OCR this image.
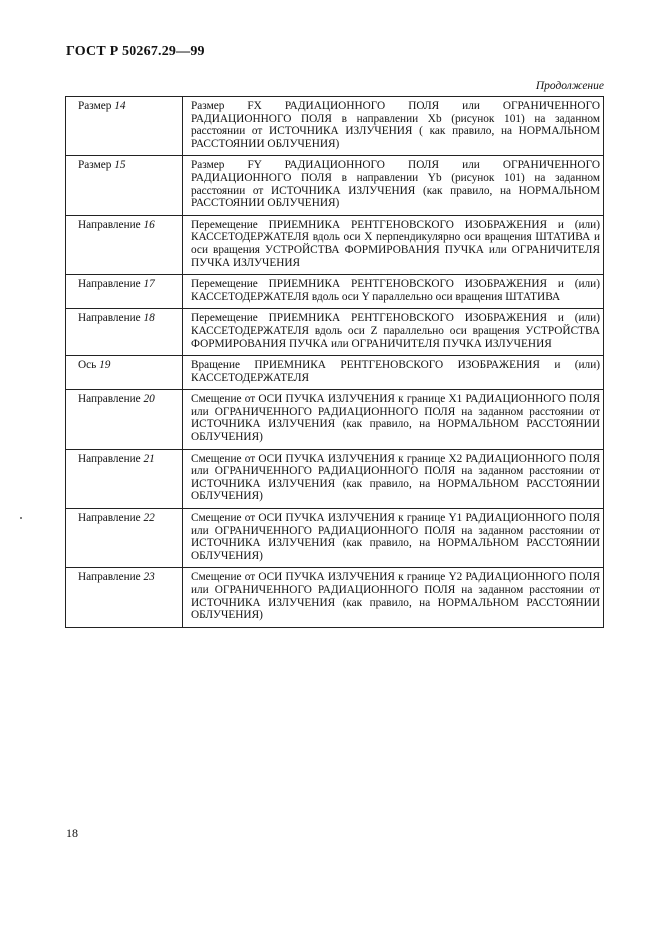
ГОСТ Р 50267.29—99
Продолжение
Размер 14	Размер FX РАДИАЦИОННОГО ПОЛЯ или ОГРАНИЧЕННОГО РАДИАЦИОННОГО ПОЛЯ в направлении Хb (рисунок 101) на заданном расстоянии от ИСТОЧНИКА ИЗЛУЧЕНИЯ ( как правило, на НОРМАЛЬНОМ РАССТОЯНИИ ОБЛУЧЕНИЯ)
Размер 15	Размер FY РАДИАЦИОННОГО ПОЛЯ или ОГРАНИЧЕННОГО РАДИАЦИОННОГО ПОЛЯ в направлении Yb (рисунок 101) на заданном расстоянии от ИСТОЧНИКА ИЗЛУЧЕНИЯ (как правило, на НОРМАЛЬНОМ РАССТОЯНИИ ОБЛУЧЕНИЯ)
Направление 16	Перемещение ПРИЕМНИКА РЕНТГЕНОВСКОГО ИЗОБРАЖЕНИЯ и (или) КАССЕТОДЕРЖАТЕЛЯ вдоль оси X перпендикулярно оси вращения ШТАТИВА и оси вращения УСТРОЙСТВА ФОРМИРОВАНИЯ ПУЧКА или ОГРАНИЧИТЕЛЯ ПУЧКА ИЗЛУЧЕНИЯ
Направление 17	Перемещение ПРИЕМНИКА РЕНТГЕНОВСКОГО ИЗОБРАЖЕНИЯ и (или) КАССЕТОДЕРЖАТЕЛЯ вдоль оси Y параллельно оси вращения ШТАТИВА
Направление 18	Перемещение ПРИЕМНИКА РЕНТГЕНОВСКОГО ИЗОБРАЖЕНИЯ и (или) КАССЕТОДЕРЖАТЕЛЯ вдоль оси Z параллельно оси вращения УСТРОЙСТВА ФОРМИРОВАНИЯ ПУЧКА или ОГРАНИЧИТЕЛЯ ПУЧКА ИЗЛУЧЕНИЯ
Ось 19	Вращение ПРИЕМНИКА РЕНТГЕНОВСКОГО ИЗОБРАЖЕНИЯ и (или) КАССЕТОДЕРЖАТЕЛЯ
Направление 20	Смещение от ОСИ ПУЧКА ИЗЛУЧЕНИЯ к границе X1 РАДИАЦИОННОГО ПОЛЯ или ОГРАНИЧЕННОГО РАДИАЦИОННОГО ПОЛЯ на заданном расстоянии от ИСТОЧНИКА ИЗЛУЧЕНИЯ (как правило, на НОРМАЛЬНОМ РАССТОЯНИИ ОБЛУЧЕНИЯ)
Направление 21	Смещение от ОСИ ПУЧКА ИЗЛУЧЕНИЯ к границе X2 РАДИАЦИОННОГО ПОЛЯ или ОГРАНИЧЕННОГО РАДИАЦИОННОГО ПОЛЯ на заданном расстоянии от ИСТОЧНИКА ИЗЛУЧЕНИЯ (как правило, на НОРМАЛЬНОМ РАССТОЯНИИ ОБЛУЧЕНИЯ)
Направление 22	Смещение от ОСИ ПУЧКА ИЗЛУЧЕНИЯ к границе Y1 РАДИАЦИОННОГО ПОЛЯ или ОГРАНИЧЕННОГО РАДИАЦИОННОГО ПОЛЯ на заданном расстоянии от ИСТОЧНИКА ИЗЛУЧЕНИЯ (как правило, на НОРМАЛЬНОМ РАССТОЯНИИ ОБЛУЧЕНИЯ)
Направление 23	Смещение от ОСИ ПУЧКА ИЗЛУЧЕНИЯ к границе Y2 РАДИАЦИОННОГО ПОЛЯ или ОГРАНИЧЕННОГО РАДИАЦИОННОГО ПОЛЯ на заданном расстоянии от ИСТОЧНИКА ИЗЛУЧЕНИЯ (как правило, на НОРМАЛЬНОМ РАССТОЯНИИ ОБЛУЧЕНИЯ)
18
